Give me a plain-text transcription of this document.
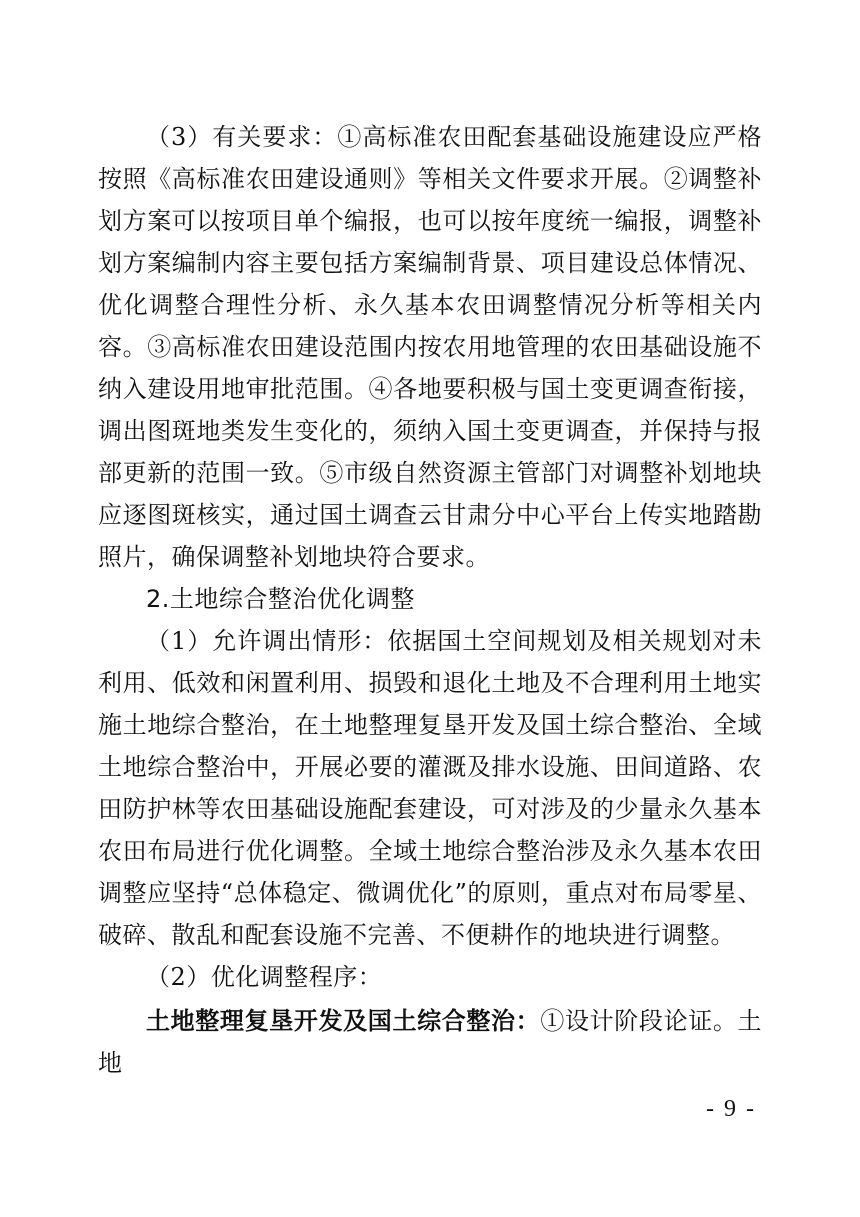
（3）有关要求：①高标准农田配套基础设施建设应严格按照《高标准农田建设通则》等相关文件要求开展。②调整补划方案可以按项目单个编报，也可以按年度统一编报，调整补划方案编制内容主要包括方案编制背景、项目建设总体情况、优化调整合理性分析、永久基本农田调整情况分析等相关内容。③高标准农田建设范围内按农用地管理的农田基础设施不纳入建设用地审批范围。④各地要积极与国土变更调查衔接，调出图斑地类发生变化的，须纳入国土变更调查，并保持与报部更新的范围一致。⑤市级自然资源主管部门对调整补划地块应逐图斑核实，通过国土调查云甘肃分中心平台上传实地踏勘照片，确保调整补划地块符合要求。

2.土地综合整治优化调整

（1）允许调出情形：依据国土空间规划及相关规划对未利用、低效和闲置利用、损毁和退化土地及不合理利用土地实施土地综合整治，在土地整理复垦开发及国土综合整治、全域土地综合整治中，开展必要的灌溉及排水设施、田间道路、农田防护林等农田基础设施配套建设，可对涉及的少量永久基本农田布局进行优化调整。全域土地综合整治涉及永久基本农田调整应坚持“总体稳定、微调优化”的原则，重点对布局零星、破碎、散乱和配套设施不完善、不便耕作的地块进行调整。

（2）优化调整程序：

土地整理复垦开发及国土综合整治：①设计阶段论证。土地

- 9 -
